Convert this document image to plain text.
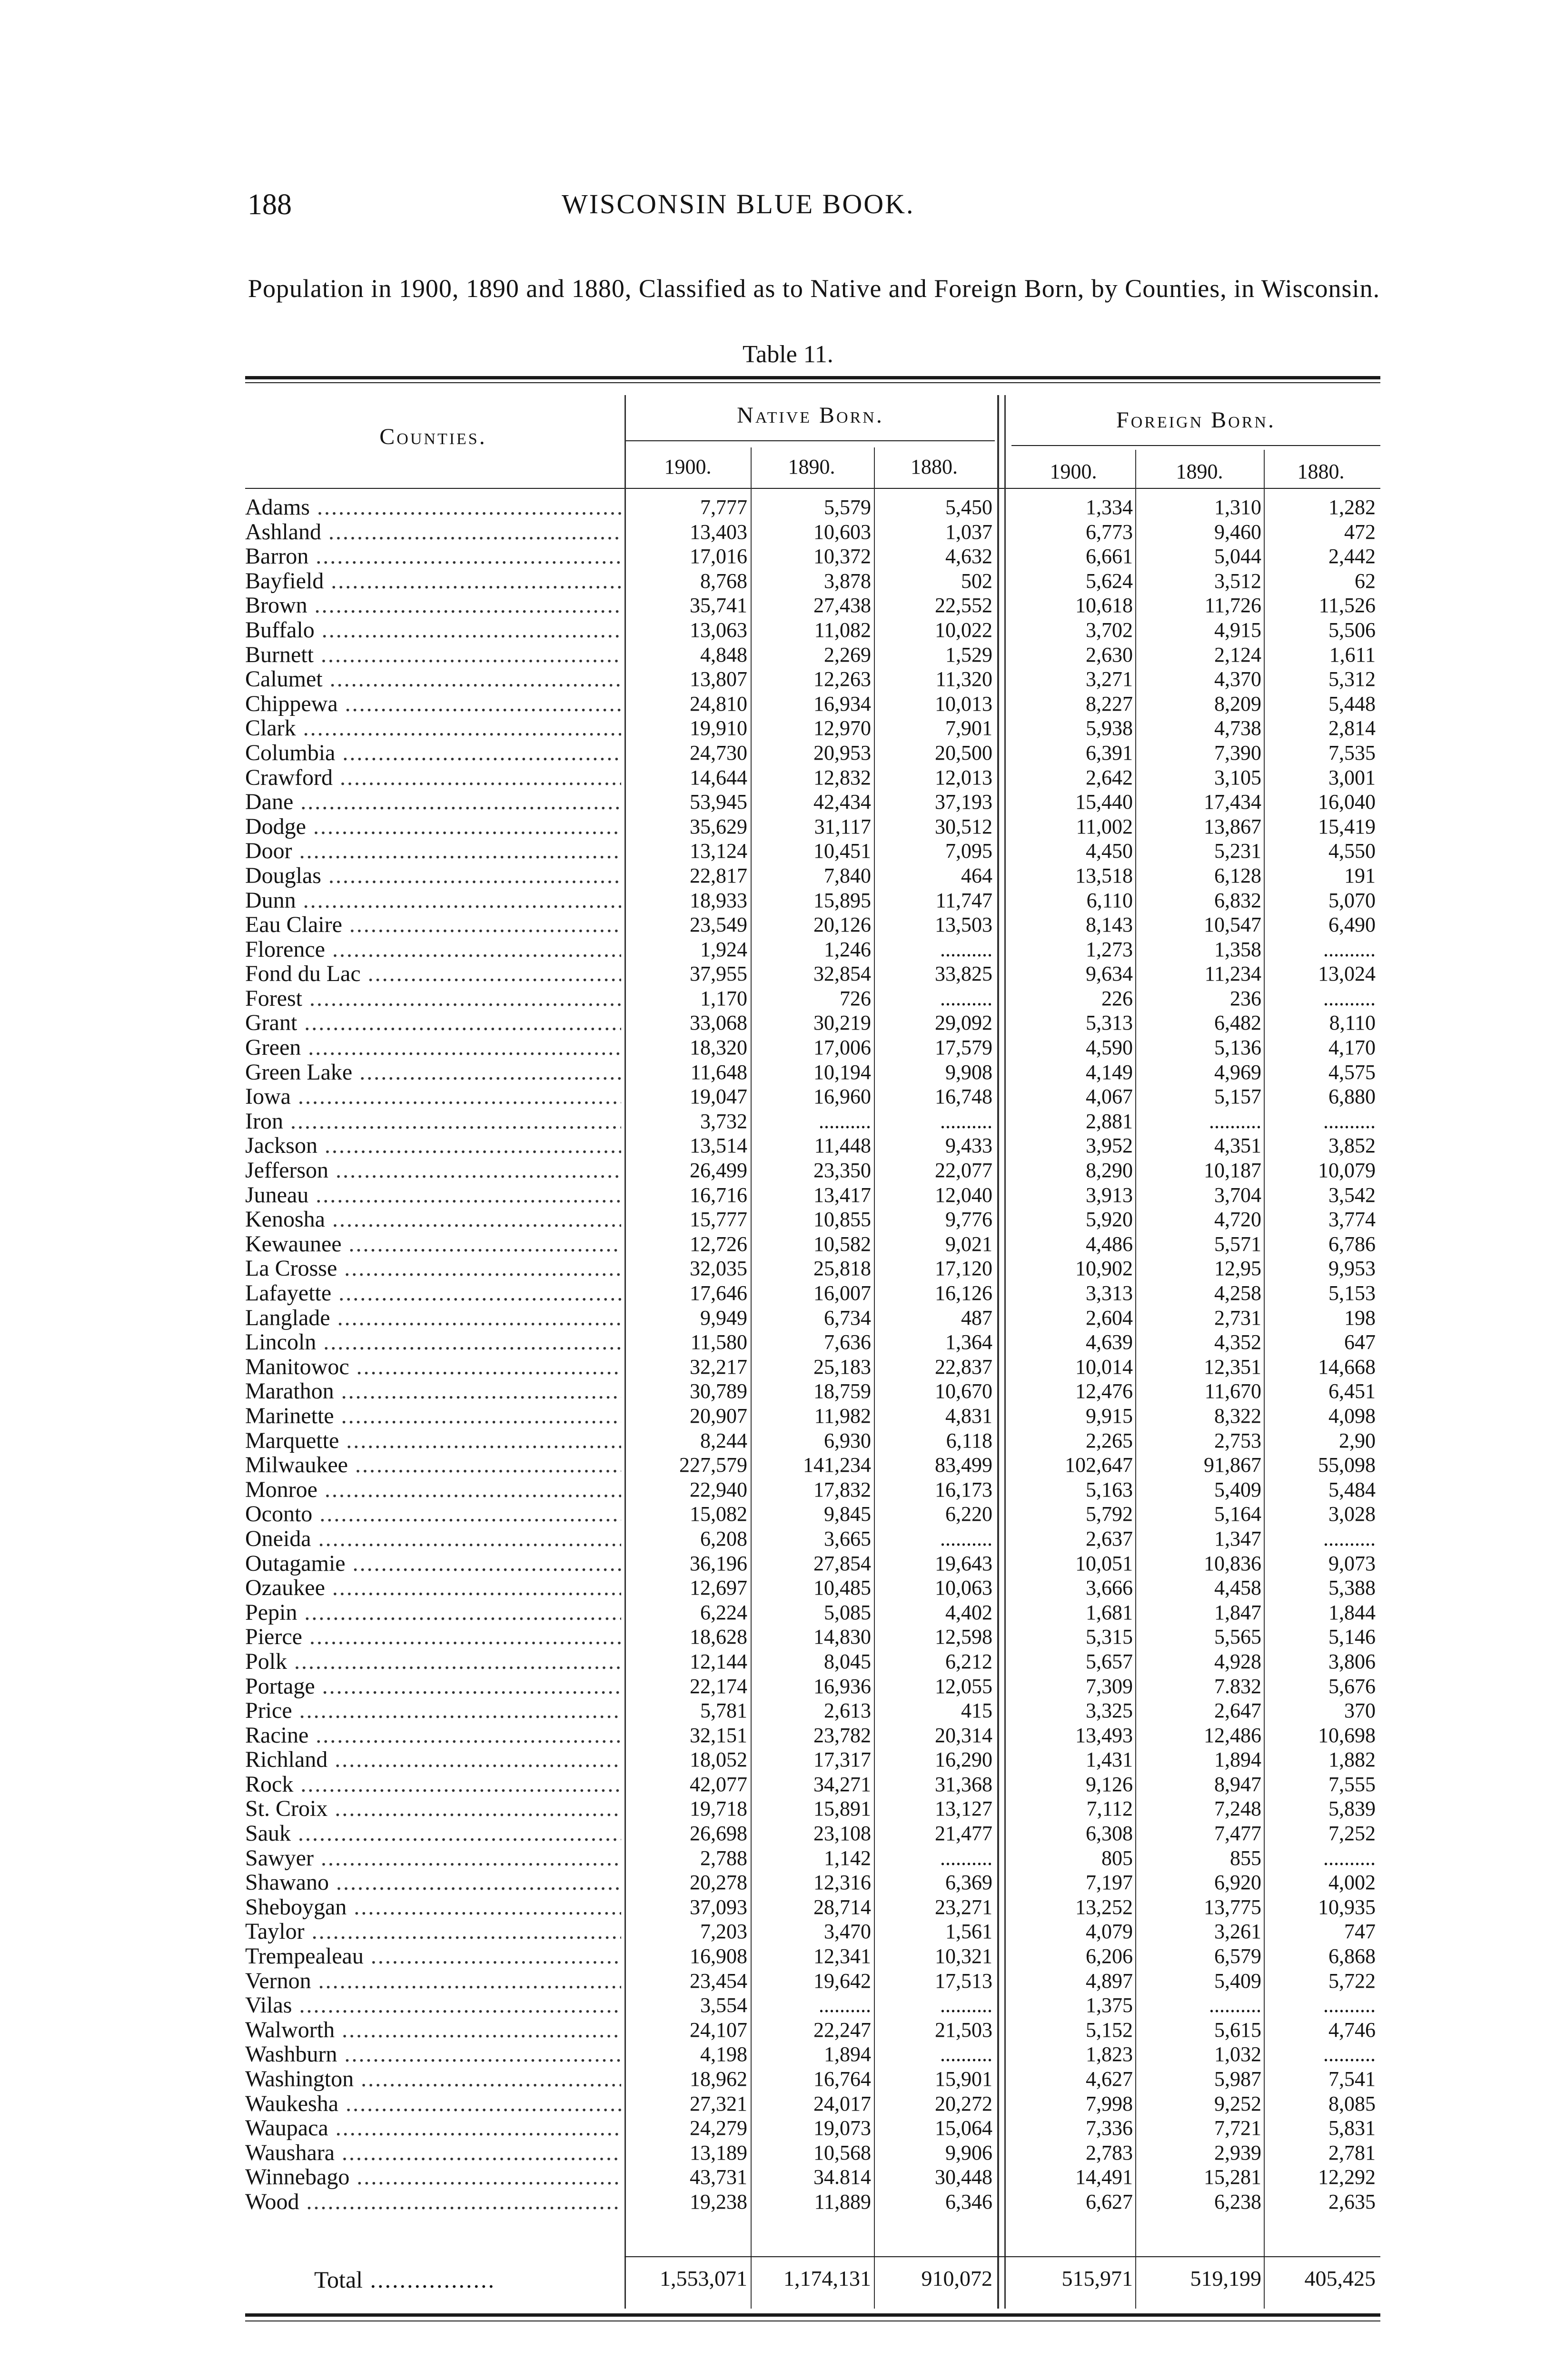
188	WISCONSIN BLUE BOOK.
Population in 1900, 1890 and 1880, Classified as to Native and Foreign Born, by Counties, in Wisconsin.
Table 11.
Counties.
Native Born.	Foreign Born.
1900.	1890.	1880.	1900.	1890.	1880.
Adams .....	7,777	5,579	5,450	1,334	1,310	1,282
Ashland .....	13,403	10,603	1,037	6,773	9,460	472
Barron .....	17,016	10,372	4,632	6,661	5,044	2,442
Bayfield .....	8,768	3,878	502	5,624	3,512	62
Brown .....	35,741	27,438	22,552	10,618	11,726	11,526
Buffalo .....	13,063	11,082	10,022	3,702	4,915	5,506
Burnett .....	4,848	2,269	1,529	2,630	2,124	1,611
Calumet .....	13,807	12,263	11,320	3,271	4,370	5,312
Chippewa .....	24,810	16,934	10,013	8,227	8,209	5,448
Clark .....	19,910	12,970	7,901	5,938	4,738	2,814
Columbia .....	24,730	20,953	20,500	6,391	7,390	7,535
Crawford .....	14,644	12,832	12,013	2,642	3,105	3,001
Dane .....	53,945	42,434	37,193	15,440	17,434	16,040
Dodge .....	35,629	31,117	30,512	11,002	13,867	15,419
Door .....	13,124	10,451	7,095	4,450	5,231	4,550
Douglas .....	22,817	7,840	464	13,518	6,128	191
Dunn .....	18,933	15,895	11,747	6,110	6,832	5,070
Eau Claire .....	23,549	20,126	13,503	8,143	10,547	6,490
Florence .....	1,924	1,246	..........	1,273	1,358	..........
Fond du Lac .....	37,955	32,854	33,825	9,634	11,234	13,024
Forest .....	1,170	726	..........	226	236	..........
Grant .....	33,068	30,219	29,092	5,313	6,482	8,110
Green .....	18,320	17,006	17,579	4,590	5,136	4,170
Green Lake .....	11,648	10,194	9,908	4,149	4,969	4,575
Iowa .....	19,047	16,960	16,748	4,067	5,157	6,880
Iron .....	3,732	..........	..........	2,881	..........	..........
Jackson .....	13,514	11,448	9,433	3,952	4,351	3,852
Jefferson .....	26,499	23,350	22,077	8,290	10,187	10,079
Juneau .....	16,716	13,417	12,040	3,913	3,704	3,542
Kenosha .....	15,777	10,855	9,776	5,920	4,720	3,774
Kewaunee .....	12,726	10,582	9,021	4,486	5,571	6,786
La Crosse .....	32,035	25,818	17,120	10,902	12,95	9,953
Lafayette .....	17,646	16,007	16,126	3,313	4,258	5,153
Langlade .....	9,949	6,734	487	2,604	2,731	198
Lincoln .....	11,580	7,636	1,364	4,639	4,352	647
Manitowoc .....	32,217	25,183	22,837	10,014	12,351	14,668
Marathon .....	30,789	18,759	10,670	12,476	11,670	6,451
Marinette .....	20,907	11,982	4,831	9,915	8,322	4,098
Marquette .....	8,244	6,930	6,118	2,265	2,753	2,90
Milwaukee .....	227,579	141,234	83,499	102,647	91,867	55,098
Monroe .....	22,940	17,832	16,173	5,163	5,409	5,484
Oconto .....	15,082	9,845	6,220	5,792	5,164	3,028
Oneida .....	6,208	3,665	..........	2,637	1,347	..........
Outagamie .....	36,196	27,854	19,643	10,051	10,836	9,073
Ozaukee .....	12,697	10,485	10,063	3,666	4,458	5,388
Pepin .....	6,224	5,085	4,402	1,681	1,847	1,844
Pierce .....	18,628	14,830	12,598	5,315	5,565	5,146
Polk .....	12,144	8,045	6,212	5,657	4,928	3,806
Portage .....	22,174	16,936	12,055	7,309	7.832	5,676
Price .....	5,781	2,613	415	3,325	2,647	370
Racine .....	32,151	23,782	20,314	13,493	12,486	10,698
Richland .....	18,052	17,317	16,290	1,431	1,894	1,882
Rock .....	42,077	34,271	31,368	9,126	8,947	7,555
St. Croix .....	19,718	15,891	13,127	7,112	7,248	5,839
Sauk .....	26,698	23,108	21,477	6,308	7,477	7,252
Sawyer .....	2,788	1,142	..........	805	855	..........
Shawano .....	20,278	12,316	6,369	7,197	6,920	4,002
Sheboygan .....	37,093	28,714	23,271	13,252	13,775	10,935
Taylor .....	7,203	3,470	1,561	4,079	3,261	747
Trempealeau .....	16,908	12,341	10,321	6,206	6,579	6,868
Vernon .....	23,454	19,642	17,513	4,897	5,409	5,722
Vilas .....	3,554	..........	..........	1,375	..........	..........
Walworth .....	24,107	22,247	21,503	5,152	5,615	4,746
Washburn .....	4,198	1,894	..........	1,823	1,032	..........
Washington .....	18,962	16,764	15,901	4,627	5,987	7,541
Waukesha .....	27,321	24,017	20,272	7,998	9,252	8,085
Waupaca .....	24,279	19,073	15,064	7,336	7,721	5,831
Waushara .....	13,189	10,568	9,906	2,783	2,939	2,781
Winnebago .....	43,731	34.814	30,448	14,491	15,281	12,292
Wood .....	19,238	11,889	6,346	6,627	6,238	2,635
Total .....	1,553,071	1,174,131	910,072	515,971	519,199	405,425
